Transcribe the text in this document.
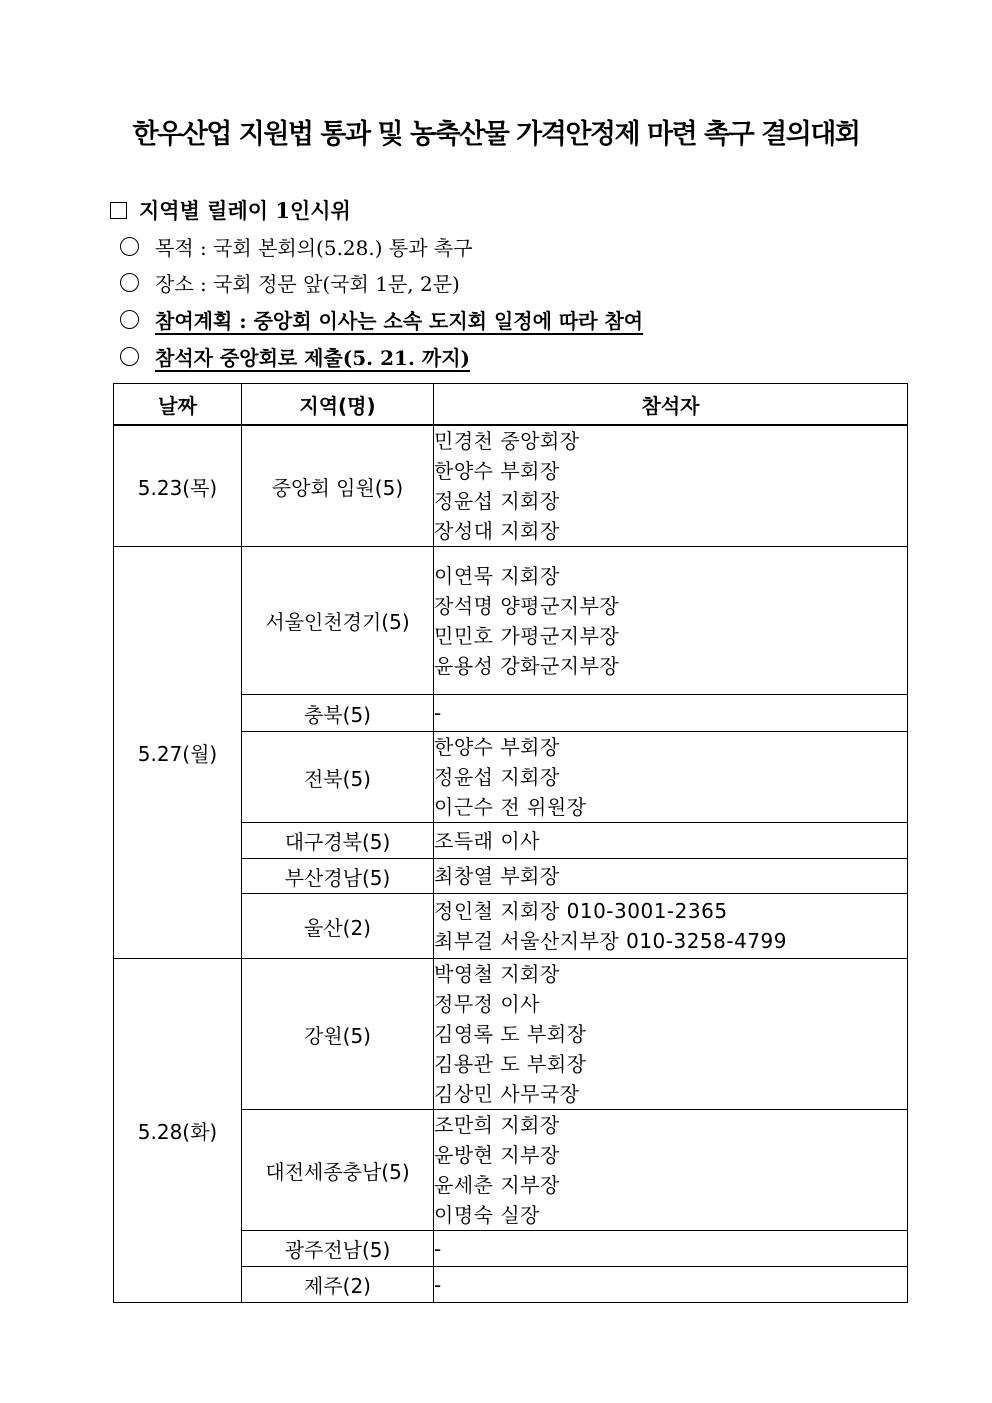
한우산업 지원법 통과 및 농축산물 가격안정제 마련 촉구 결의대회
지역별 릴레이 1인시위
목적 : 국회 본회의(5.28.) 통과 촉구
장소 : 국회 정문 앞(국회 1문, 2문)
참여계획 : 중앙회 이사는 소속 도지회 일정에 따라 참여
참석자 중앙회로 제출(5. 21. 까지)
날짜	지역(명)	참석자
5.23(목)	중앙회 임원(5)	민경천 중앙회장
한양수 부회장
정윤섭 지회장
장성대 지회장

5.27(월)	서울인천경기(5)	이연묵 지회장
장석명 양평군지부장
민민호 가평군지부장
윤용성 강화군지부장

	충북(5)	-

	전북(5)	한양수 부회장
정윤섭 지회장
이근수 전 위원장

	대구경북(5)	조득래 이사

	부산경남(5)	최창열 부회장

	울산(2)	정인철 지회장 010-3001-2365
최부걸 서울산지부장 010-3258-4799

5.28(화)	강원(5)	박영철 지회장
정무정 이사
김영록 도 부회장
김용관 도 부회장
김상민 사무국장

	대전세종충남(5)	조만희 지회장
윤방현 지부장
윤세춘 지부장
이명숙 실장

	광주전남(5)	-

	제주(2)	-
